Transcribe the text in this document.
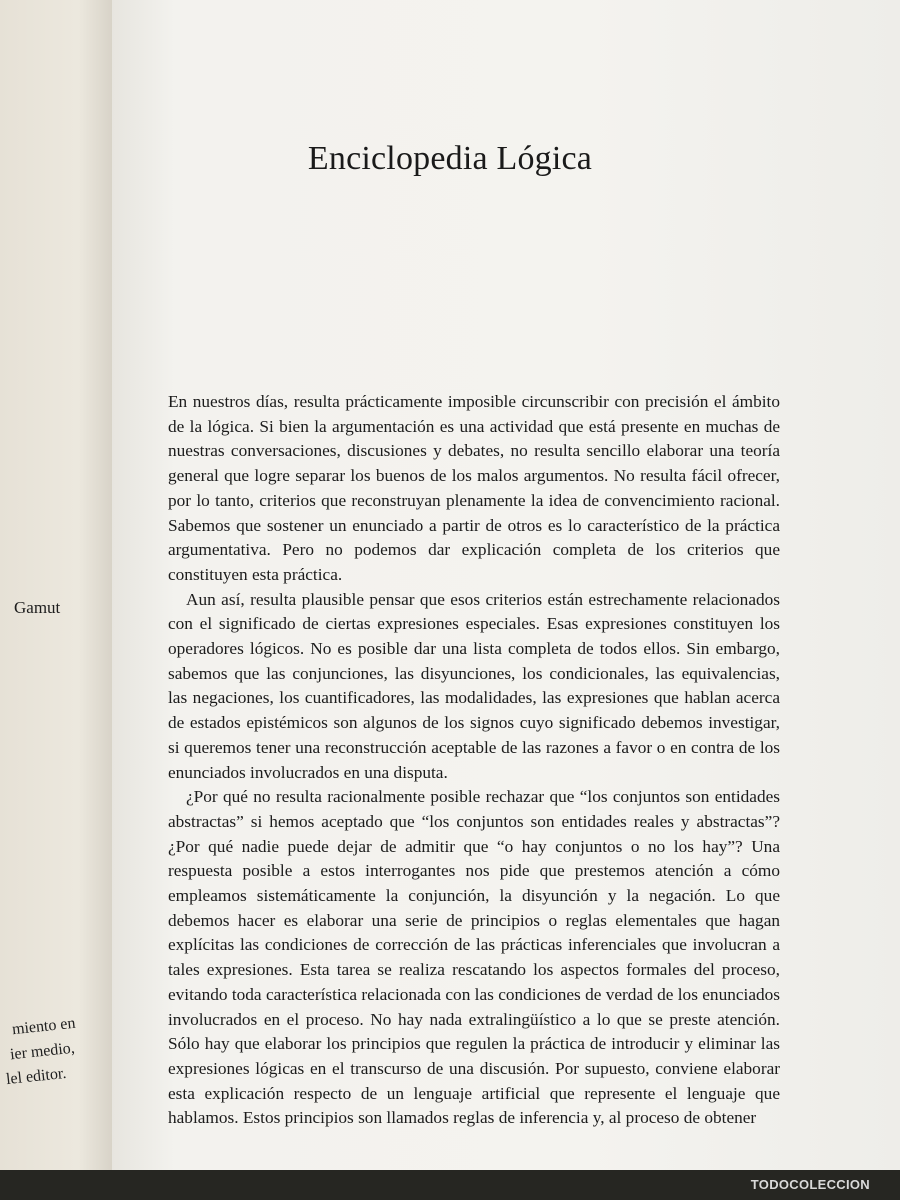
Gamut
miento en
ier medio,
lel editor.
Enciclopedia Lógica

En nuestros días, resulta prácticamente imposible circunscribir con precisión el ámbito de la lógica. Si bien la argumentación es una actividad que está presente en muchas de nuestras conversaciones, discusiones y debates, no resulta sencillo elaborar una teoría general que logre separar los buenos de los malos argumentos. No resulta fácil ofrecer, por lo tanto, criterios que reconstruyan plenamente la idea de convencimiento racional. Sabemos que sostener un enunciado a partir de otros es lo característico de la práctica argumentativa. Pero no podemos dar explicación completa de los criterios que constituyen esta práctica.

Aun así, resulta plausible pensar que esos criterios están estrechamente relacionados con el significado de ciertas expresiones especiales. Esas expresiones constituyen los operadores lógicos. No es posible dar una lista completa de todos ellos. Sin embargo, sabemos que las conjunciones, las disyunciones, los condicionales, las equivalencias, las negaciones, los cuantificadores, las modalidades, las expresiones que hablan acerca de estados epistémicos son algunos de los signos cuyo significado debemos investigar, si queremos tener una reconstrucción aceptable de las razones a favor o en contra de los enunciados involucrados en una disputa.

¿Por qué no resulta racionalmente posible rechazar que “los conjuntos son entidades abstractas” si hemos aceptado que “los conjuntos son entidades reales y abstractas”? ¿Por qué nadie puede dejar de admitir que “o hay conjuntos o no los hay”? Una respuesta posible a estos interrogantes nos pide que prestemos atención a cómo empleamos sistemáticamente la conjunción, la disyunción y la negación. Lo que debemos hacer es elaborar una serie de principios o reglas elementales que hagan explícitas las condiciones de corrección de las prácticas inferenciales que involucran a tales expresiones. Esta tarea se realiza rescatando los aspectos formales del proceso, evitando toda característica relacionada con las condiciones de verdad de los enunciados involucrados en el proceso. No hay nada extralingüístico a lo que se preste atención. Sólo hay que elaborar los principios que regulen la práctica de introducir y eliminar las expresiones lógicas en el transcurso de una discusión. Por supuesto, conviene elaborar esta explicación respecto de un lenguaje artificial que represente el lenguaje que hablamos. Estos principios son llamados reglas de inferencia y, al proceso de obtener

TODOCOLECCION
